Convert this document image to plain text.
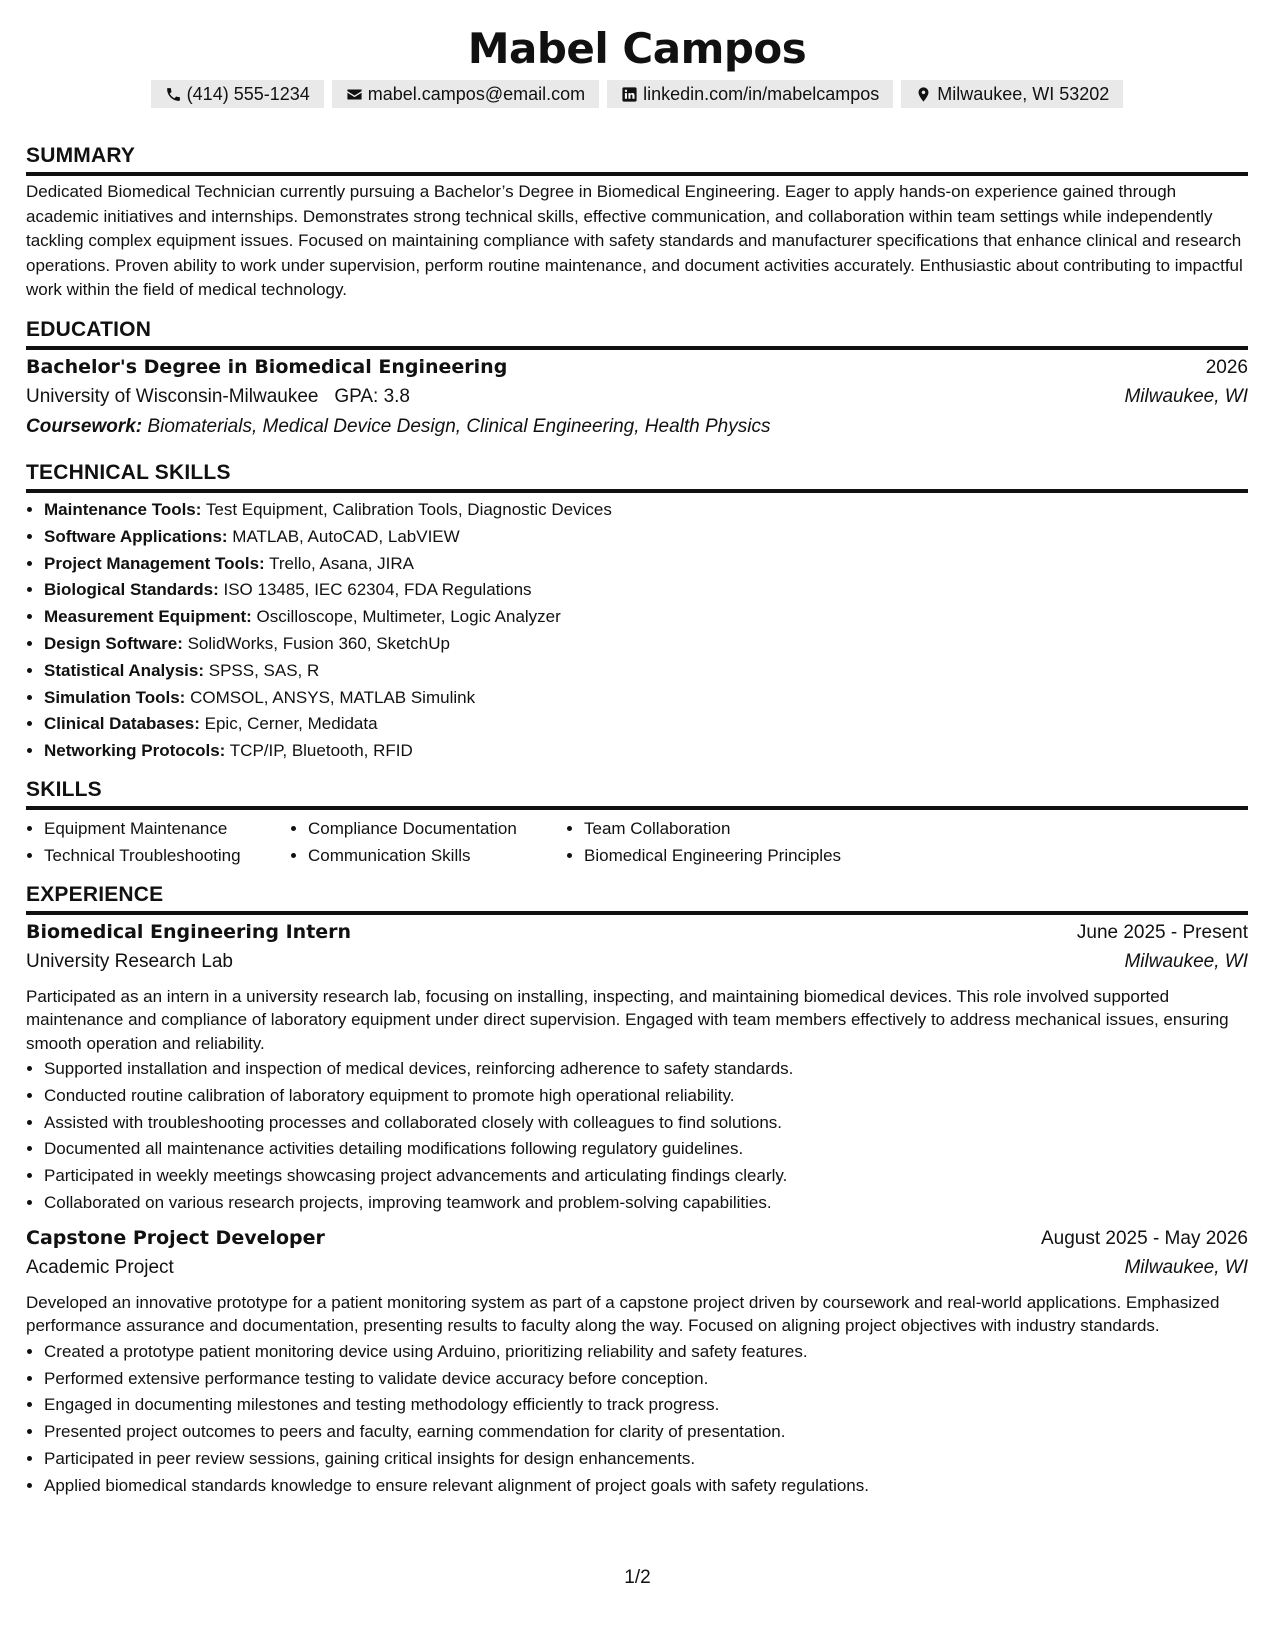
Mabel Campos
(414) 555-1234	mabel.campos@email.com	linkedin.com/in/mabelcampos	Milwaukee, WI 53202
SUMMARY

Dedicated Biomedical Technician currently pursuing a Bachelor’s Degree in Biomedical Engineering. Eager to apply hands-on experience gained through academic initiatives and internships. Demonstrates strong technical skills, effective communication, and collaboration within team settings while independently tackling complex equipment issues. Focused on maintaining compliance with safety standards and manufacturer specifications that enhance clinical and research operations. Proven ability to work under supervision, perform routine maintenance, and document activities accurately. Enthusiastic about contributing to impactful work within the field of medical technology.

EDUCATION
Bachelor's Degree in Biomedical Engineering	2026
University of Wisconsin-Milwaukee GPA: 3.8	Milwaukee, WI
Coursework: Biomaterials, Medical Device Design, Clinical Engineering, Health Physics
TECHNICAL SKILLS
• Maintenance Tools: Test Equipment, Calibration Tools, Diagnostic Devices
• Software Applications: MATLAB, AutoCAD, LabVIEW
• Project Management Tools: Trello, Asana, JIRA
• Biological Standards: ISO 13485, IEC 62304, FDA Regulations
• Measurement Equipment: Oscilloscope, Multimeter, Logic Analyzer
• Design Software: SolidWorks, Fusion 360, SketchUp
• Statistical Analysis: SPSS, SAS, R
• Simulation Tools: COMSOL, ANSYS, MATLAB Simulink
• Clinical Databases: Epic, Cerner, Medidata
• Networking Protocols: TCP/IP, Bluetooth, RFID
SKILLS
• Equipment Maintenance
• Technical Troubleshooting
• Compliance Documentation
• Communication Skills
• Team Collaboration
• Biomedical Engineering Principles
EXPERIENCE
Biomedical Engineering Intern	June 2025 - Present
University Research Lab	Milwaukee, WI

Participated as an intern in a university research lab, focusing on installing, inspecting, and maintaining biomedical devices. This role involved supported maintenance and compliance of laboratory equipment under direct supervision. Engaged with team members effectively to address mechanical issues, ensuring smooth operation and reliability.

• Supported installation and inspection of medical devices, reinforcing adherence to safety standards.
• Conducted routine calibration of laboratory equipment to promote high operational reliability.
• Assisted with troubleshooting processes and collaborated closely with colleagues to find solutions.
• Documented all maintenance activities detailing modifications following regulatory guidelines.
• Participated in weekly meetings showcasing project advancements and articulating findings clearly.
• Collaborated on various research projects, improving teamwork and problem-solving capabilities.
Capstone Project Developer	August 2025 - May 2026
Academic Project	Milwaukee, WI

Developed an innovative prototype for a patient monitoring system as part of a capstone project driven by coursework and real-world applications. Emphasized performance assurance and documentation, presenting results to faculty along the way. Focused on aligning project objectives with industry standards.

• Created a prototype patient monitoring device using Arduino, prioritizing reliability and safety features.
• Performed extensive performance testing to validate device accuracy before conception.
• Engaged in documenting milestones and testing methodology efficiently to track progress.
• Presented project outcomes to peers and faculty, earning commendation for clarity of presentation.
• Participated in peer review sessions, gaining critical insights for design enhancements.
• Applied biomedical standards knowledge to ensure relevant alignment of project goals with safety regulations.
1/2
